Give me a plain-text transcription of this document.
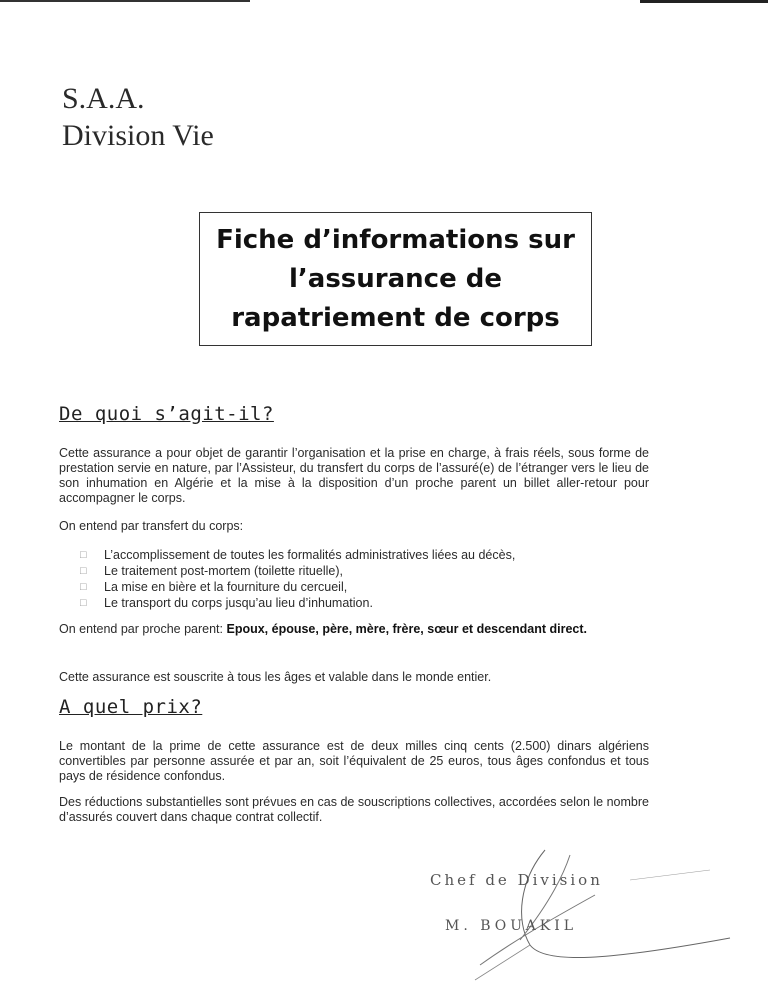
S.A.A.
Division Vie
Fiche d’informations sur
l’assurance de
rapatriement de corps
De quoi s’agit-il?
Cette assurance a pour objet de garantir l’organisation et la prise en charge, à frais réels, sous forme de prestation servie en nature, par l’Assisteur, du transfert du corps de l’assuré(e) de l’étranger vers le lieu de son inhumation en Algérie et la mise à la disposition d’un proche parent un billet aller-retour pour accompagner le corps.
On entend par transfert du corps:
□ L’accomplissement de toutes les formalités administratives liées au décès,
□ Le traitement post-mortem (toilette rituelle),
□ La mise en bière et la fourniture du cercueil,
□ Le transport du corps jusqu’au lieu d’inhumation.
On entend par proche parent: Epoux, épouse, père, mère, frère, sœur et descendant direct.
Cette assurance est souscrite à tous les âges et valable dans le monde entier.
A quel prix?
Le montant de la prime de cette assurance est de deux milles cinq cents (2.500) dinars algériens convertibles par personne assurée et par an, soit l’équivalent de 25 euros, tous âges confondus et tous pays de résidence confondus.
Des réductions substantielles sont prévues en cas de souscriptions collectives, accordées selon le nombre d’assurés couvert dans chaque contrat collectif.
Chef de Division
M. BOUAKIL
